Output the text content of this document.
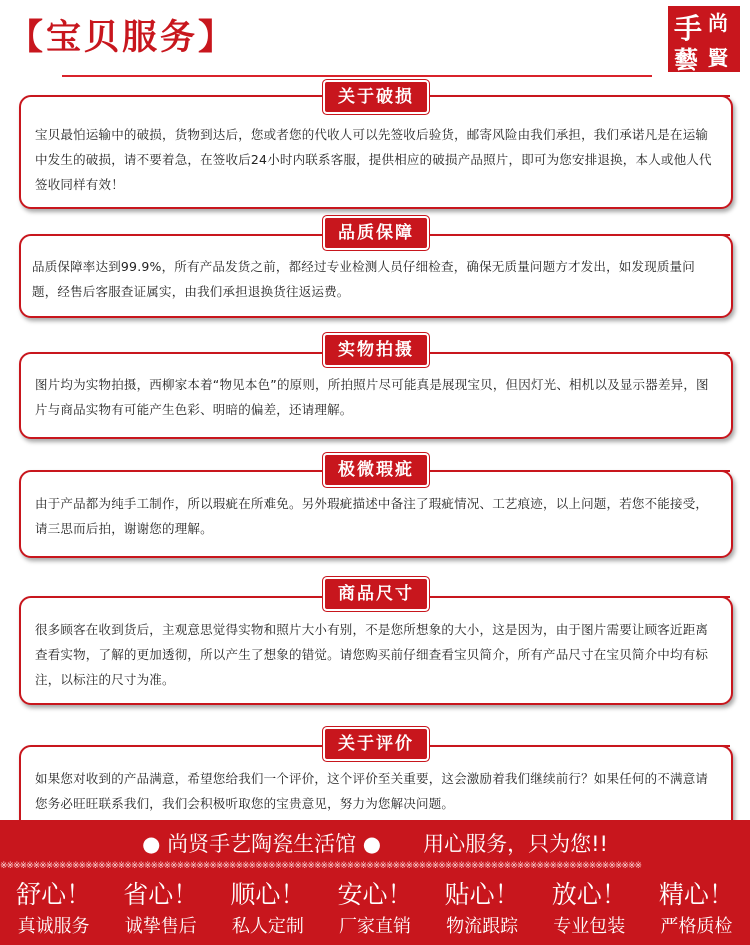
【宝贝服务】	手 尚
藝 賢
关于破损
宝贝最怕运输中的破损，货物到达后，您或者您的代收人可以先签收后验货，邮寄风险由我们承担，我们承诺凡是在运输中发生的破损，请不要着急，在签收后24小时内联系客服，提供相应的破损产品照片，即可为您安排退换，本人或他人代签收同样有效！
品质保障
品质保障率达到99.9%，所有产品发货之前，都经过专业检测人员仔细检查，确保无质量问题方才发出，如发现质量问题，经售后客服查证属实，由我们承担退换货往返运费。
实物拍摄
图片均为实物拍摄，西柳家本着“物见本色”的原则，所拍照片尽可能真是展现宝贝，但因灯光、相机以及显示器差异，图片与商品实物有可能产生色彩、明暗的偏差，还请理解。
极微瑕疵
由于产品都为纯手工制作，所以瑕疵在所难免。另外瑕疵描述中备注了瑕疵情况、工艺痕迹，以上问题，若您不能接受，请三思而后拍，谢谢您的理解。
商品尺寸
很多顾客在收到货后，主观意思觉得实物和照片大小有别，不是您所想象的大小，这是因为，由于图片需要让顾客近距离查看实物，了解的更加透彻，所以产生了想象的错觉。请您购买前仔细查看宝贝简介，所有产品尺寸在宝贝简介中均有标注，以标注的尺寸为准。
关于评价
如果您对收到的产品满意，希望您给我们一个评价，这个评价至关重要，这会激励着我们继续前行？如果任何的不满意请您务必旺旺联系我们，我们会积极听取您的宝贵意见，努力为您解决问题。
● 尚贤手艺陶瓷生活馆 ●　　用心服务，只为您!!
※※※※※※※※※※※※※※※※※※※※※※※※※※※※※※※※※※※※※※※※※※※※※※※※※※※※※※※※※※※※※※※※※※※※※※※※※※※※※※※※※※※※※※※※※※※※※※※※※※
舒心！ 省心！ 顺心！ 安心！ 贴心！ 放心！ 精心！
真诚服务 诚挚售后 私人定制 厂家直销 物流跟踪 专业包装 严格质检
